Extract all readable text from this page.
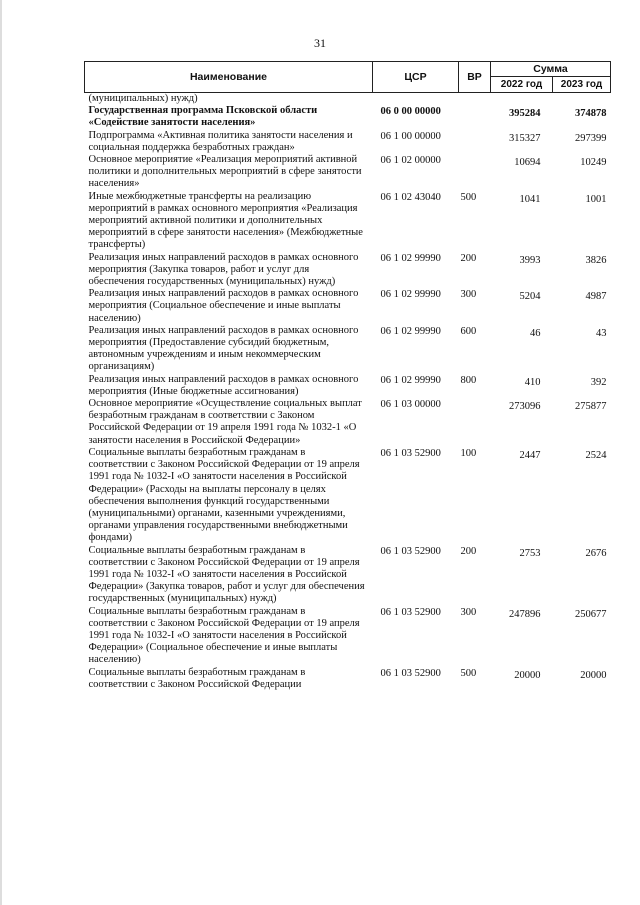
31
Наименование	ЦСР	ВР	Сумма	
			2022 год	2023 год
(муниципальных) нужд)	

Государственная программа Псковской области «Содействие занятости населения»	06 0 00 00000		395284	374878

Подпрограмма «Активная политика занятости населения и социальная поддержка безработных граждан»	06 1 00 00000		315327	297399

Основное мероприятие «Реализация мероприятий активной политики и дополнительных мероприятий в сфере занятости населения»	06 1 02 00000		10694	10249

Иные межбюджетные трансферты на реализацию мероприятий в рамках основного мероприятия «Реализация мероприятий активной политики и дополнительных мероприятий в сфере занятости населения» (Межбюджетные трансферты)	06 1 02 43040	500	1041	1001

Реализация иных направлений расходов в рамках основного мероприятия (Закупка товаров, работ и услуг для обеспечения государственных (муниципальных) нужд)	06 1 02 99990	200	3993	3826

Реализация иных направлений расходов в рамках основного мероприятия (Социальное обеспечение и иные выплаты населению)	06 1 02 99990	300	5204	4987

Реализация иных направлений расходов в рамках основного мероприятия (Предоставление субсидий бюджетным, автономным учреждениям и иным некоммерческим организациям)	06 1 02 99990	600	46	43

Реализация иных направлений расходов в рамках основного мероприятия (Иные бюджетные ассигнования)	06 1 02 99990	800	410	392

Основное мероприятие «Осуществление социальных выплат безработным гражданам в соответствии с Законом Российской Федерации от 19 апреля 1991 года № 1032-1 «О занятости населения в Российской Федерации»	06 1 03 00000		273096	275877

Социальные выплаты безработным гражданам в соответствии с Законом Российской Федерации от 19 апреля 1991 года № 1032-I «О занятости населения в Российской Федерации» (Расходы на выплаты персоналу в целях обеспечения выполнения функций государственными (муниципальными) органами, казенными учреждениями, органами управления государственными внебюджетными фондами)	06 1 03 52900	100	2447	2524

Социальные выплаты безработным гражданам в соответствии с Законом Российской Федерации от 19 апреля 1991 года № 1032-I «О занятости населения в Российской Федерации» (Закупка товаров, работ и услуг для обеспечения государственных (муниципальных) нужд)	06 1 03 52900	200	2753	2676

Социальные выплаты безработным гражданам в соответствии с Законом Российской Федерации от 19 апреля 1991 года № 1032-I «О занятости населения в Российской Федерации» (Социальное обеспечение и иные выплаты населению)	06 1 03 52900	300	247896	250677

Социальные выплаты безработным гражданам в соответствии с Законом Российской Федерации	06 1 03 52900	500	20000	20000
